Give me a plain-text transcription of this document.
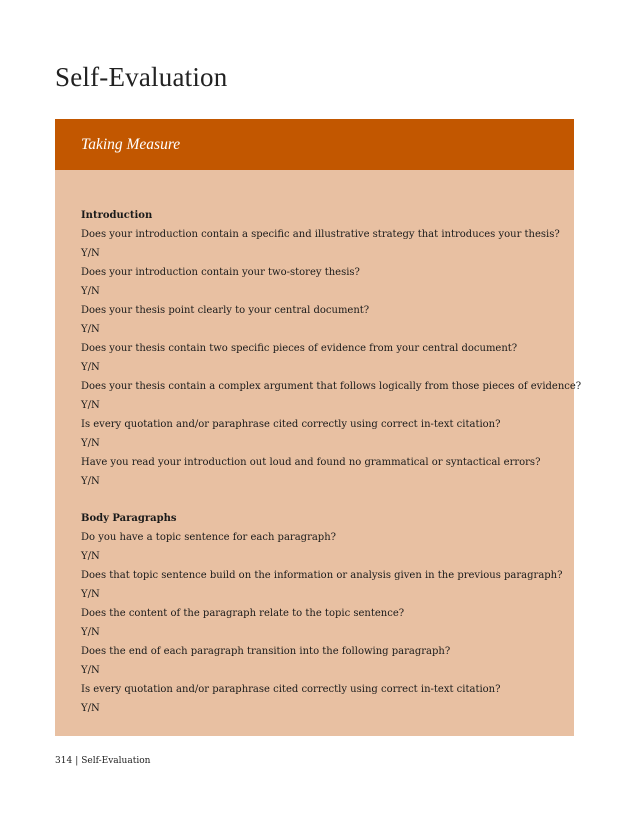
Self-Evaluation
Taking Measure

Introduction

Does your introduction contain a specific and illustrative strategy that introduces your thesis?

Y/N

Does your introduction contain your two-storey thesis?

Y/N

Does your thesis point clearly to your central document?

Y/N

Does your thesis contain two specific pieces of evidence from your central document?

Y/N

Does your thesis contain a complex argument that follows logically from those pieces of evidence?

Y/N

Is every quotation and/or paraphrase cited correctly using correct in-text citation?

Y/N

Have you read your introduction out loud and found no grammatical or syntactical errors?

Y/N

Body Paragraphs

Do you have a topic sentence for each paragraph?

Y/N

Does that topic sentence build on the information or analysis given in the previous paragraph?

Y/N

Does the content of the paragraph relate to the topic sentence?

Y/N

Does the end of each paragraph transition into the following paragraph?

Y/N

Is every quotation and/or paraphrase cited correctly using correct in-text citation?

Y/N

314 | Self-Evaluation
